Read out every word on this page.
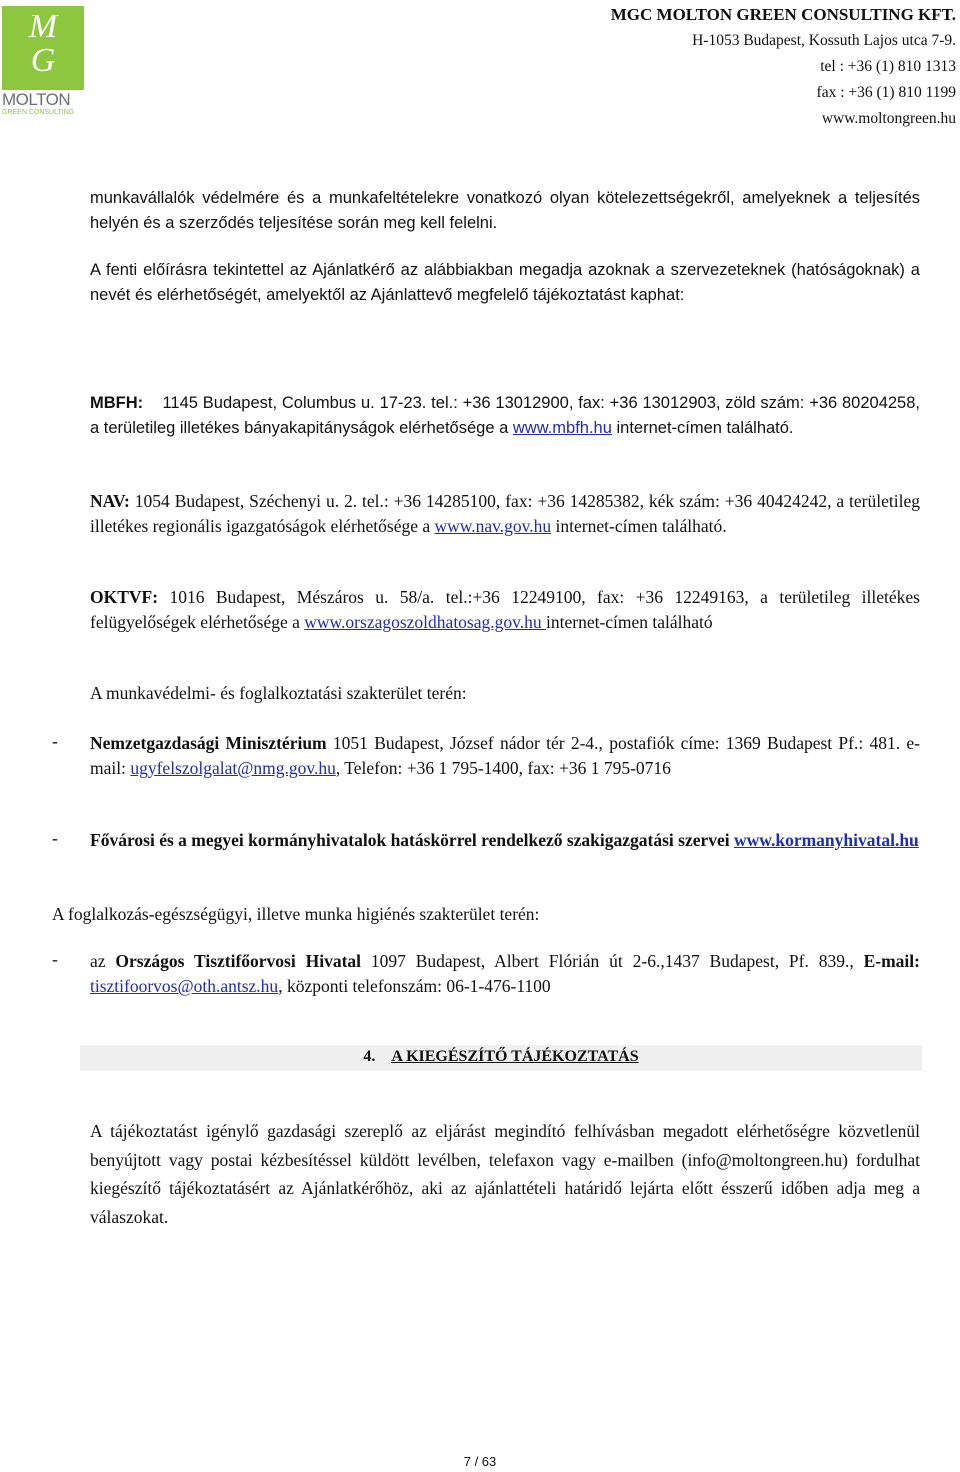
M
G
MOLTON
GREEN CONSULTING
MGC MOLTON GREEN CONSULTING KFT.
H-1053 Budapest, Kossuth Lajos utca 7-9.
tel : +36 (1) 810 1313
fax : +36 (1) 810 1199
www.moltongreen.hu
munkavállalók védelmére és a munkafeltételekre vonatkozó olyan kötelezettségekről, amelyeknek a teljesítés helyén és a szerződés teljesítése során meg kell felelni.
A fenti előírásra tekintettel az Ajánlatkérő az alábbiakban megadja azoknak a szervezeteknek (hatóságoknak) a nevét és elérhetőségét, amelyektől az Ajánlattevő megfelelő tájékoztatást kaphat:
MBFH: 1145 Budapest, Columbus u. 17-23. tel.: +36 13012900, fax: +36 13012903, zöld szám: +36 80204258, a területileg illetékes bányakapitányságok elérhetősége a www.mbfh.hu internet-címen található.
NAV: 1054 Budapest, Széchenyi u. 2. tel.: +36 14285100, fax: +36 14285382, kék szám: +36 40424242, a területileg illetékes regionális igazgatóságok elérhetősége a www.nav.gov.hu internet-címen található.
OKTVF: 1016 Budapest, Mészáros u. 58/a. tel.:+36 12249100, fax: +36 12249163, a területileg illetékes felügyelőségek elérhetősége a www.orszagoszoldhatosag.gov.hu internet-címen található
A munkavédelmi- és foglalkoztatási szakterület terén:
- Nemzetgazdasági Minisztérium 1051 Budapest, József nádor tér 2-4., postafiók címe: 1369 Budapest Pf.: 481. e-mail: ugyfelszolgalat@nmg.gov.hu, Telefon: +36 1 795-1400, fax: +36 1 795-0716
- Fővárosi és a megyei kormányhivatalok hatáskörrel rendelkező szakigazgatási szervei www.kormanyhivatal.hu
A foglalkozás-egészségügyi, illetve munka higiénés szakterület terén:
- az Országos Tisztifőorvosi Hivatal 1097 Budapest, Albert Flórián út 2-6.,1437 Budapest, Pf. 839., E-mail: tisztifoorvos@oth.antsz.hu, központi telefonszám: 06-1-476-1100
4. A KIEGÉSZÍTŐ TÁJÉKOZTATÁS
A tájékoztatást igénylő gazdasági szereplő az eljárást megindító felhívásban megadott elérhetőségre közvetlenül benyújtott vagy postai kézbesítéssel küldött levélben, telefaxon vagy e-mailben (info@moltongreen.hu) fordulhat kiegészítő tájékoztatásért az Ajánlatkérőhöz, aki az ajánlattételi határidő lejárta előtt ésszerű időben adja meg a válaszokat.
7 / 63
